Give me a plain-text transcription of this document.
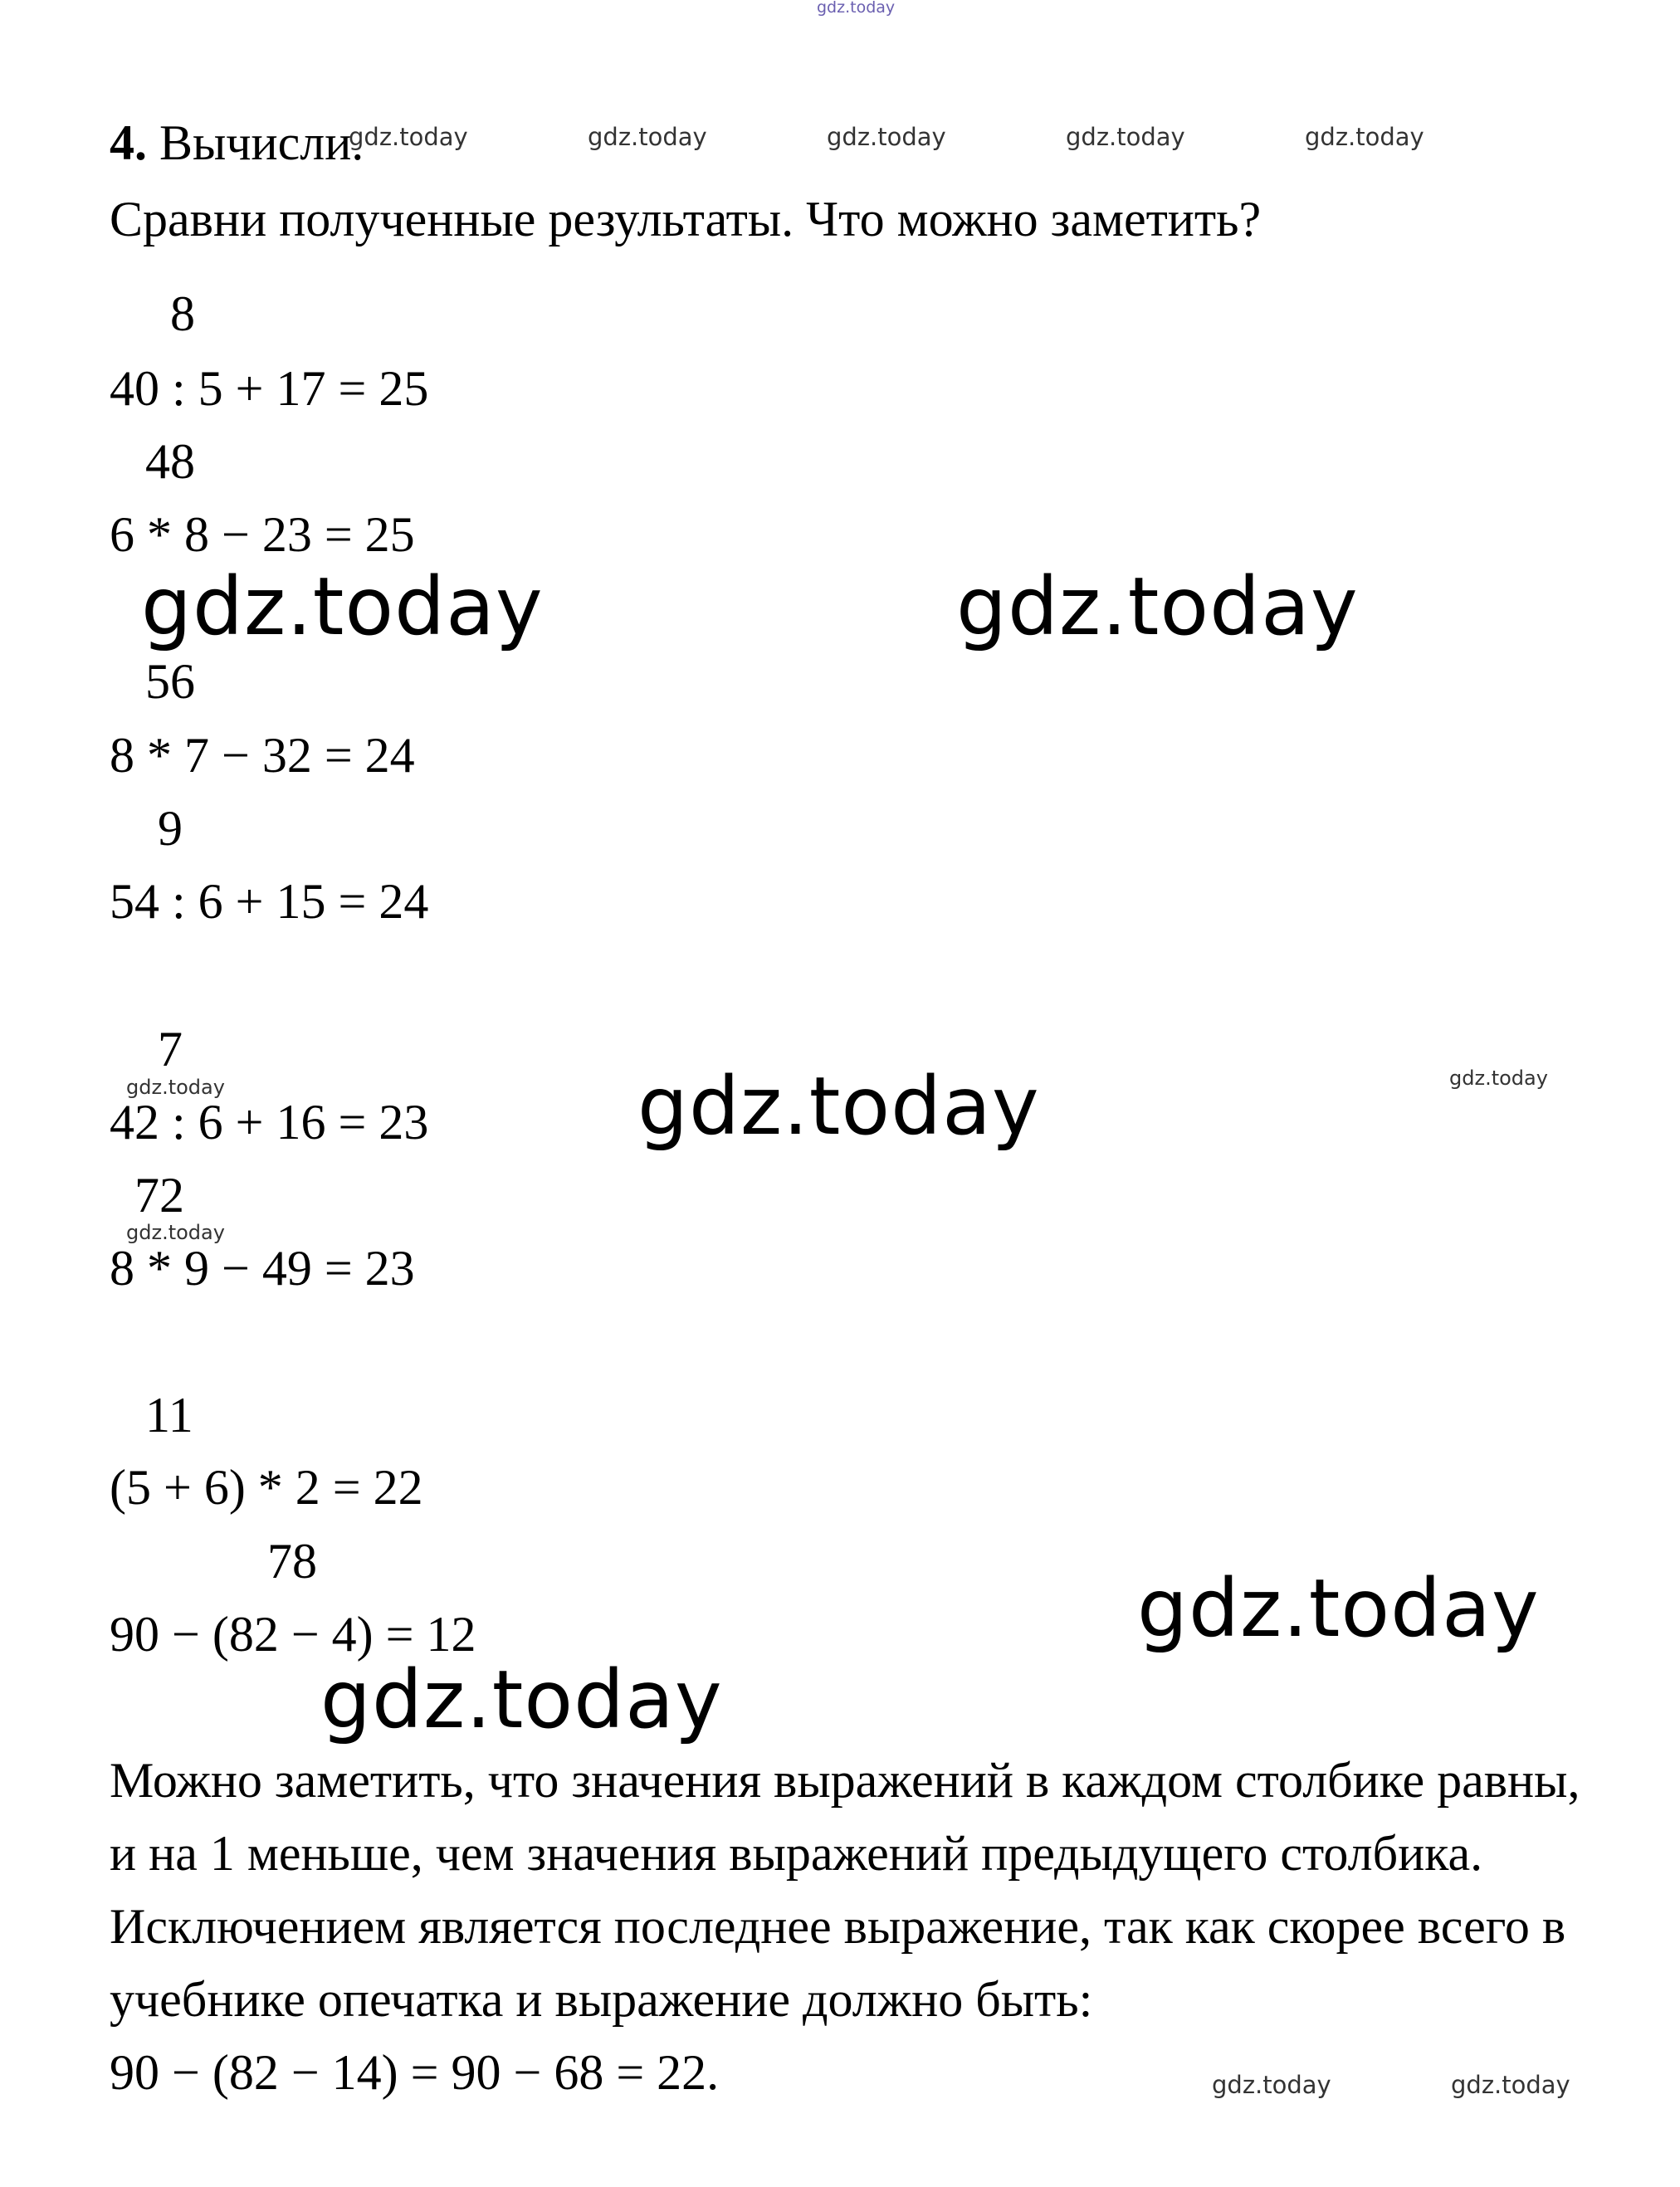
gdz.today
4. Вычисли.
gdz.today	gdz.today	gdz.today	gdz.today	gdz.today
Сравни полученные результаты. Что можно заметить?
8
40 : 5 + 17 = 25
48
6 * 8 − 23 = 25
gdz.today	gdz.today
56
8 * 7 − 32 = 24
9
54 : 6 + 15 = 24
7
gdz.today
42 : 6 + 16 = 23	gdz.today	gdz.today
72
gdz.today
8 * 9 − 49 = 23
11
(5 + 6) * 2 = 22
78
90 − (82 − 4) = 12	gdz.today
gdz.today
Можно заметить, что значения выражений в каждом столбике равны,
и на 1 меньше, чем значения выражений предыдущего столбика.
Исключением является последнее выражение, так как скорее всего в
учебнике опечатка и выражение должно быть:
90 − (82 − 14) = 90 − 68 = 22.	gdz.today	gdz.today
